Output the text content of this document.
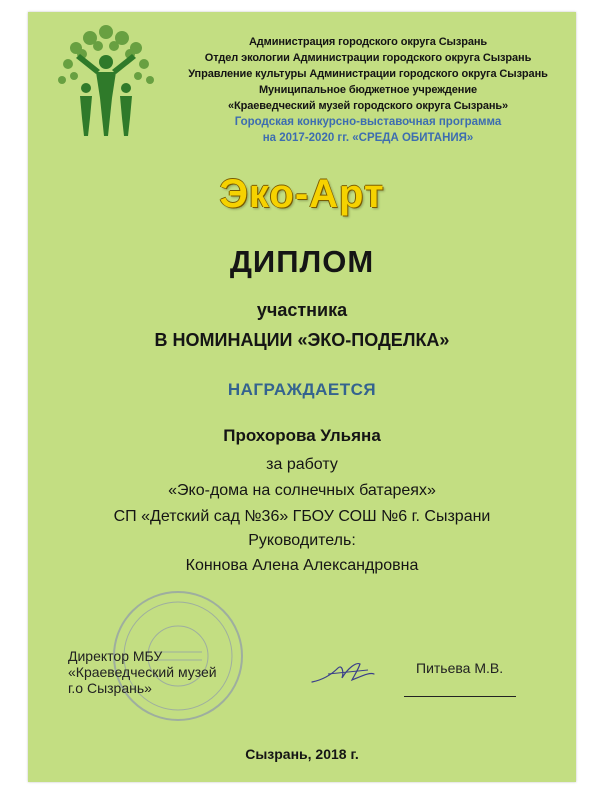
Администрация городского округа Сызрань
Отдел экологии Администрации городского округа Сызрань
Управление культуры Администрации городского округа Сызрань
Муниципальное бюджетное учреждение
«Краеведческий музей городского округа Сызрань»
Городская конкурсно-выставочная программа
на 2017-2020 гг. «СРЕДА ОБИТАНИЯ»
Эко-Арт
ДИПЛОМ
участника
В НОМИНАЦИИ «ЭКО-ПОДЕЛКА»
НАГРАЖДАЕТСЯ
Прохорова Ульяна
за работу
«Эко-дома на солнечных батареях»
СП «Детский сад №36» ГБОУ СОШ №6 г. Сызрани
Руководитель:
Коннова Алена Александровна
Директор МБУ
«Краеведческий музей
г.о Сызрань»
Питьева М.В.
Сызрань, 2018 г.
